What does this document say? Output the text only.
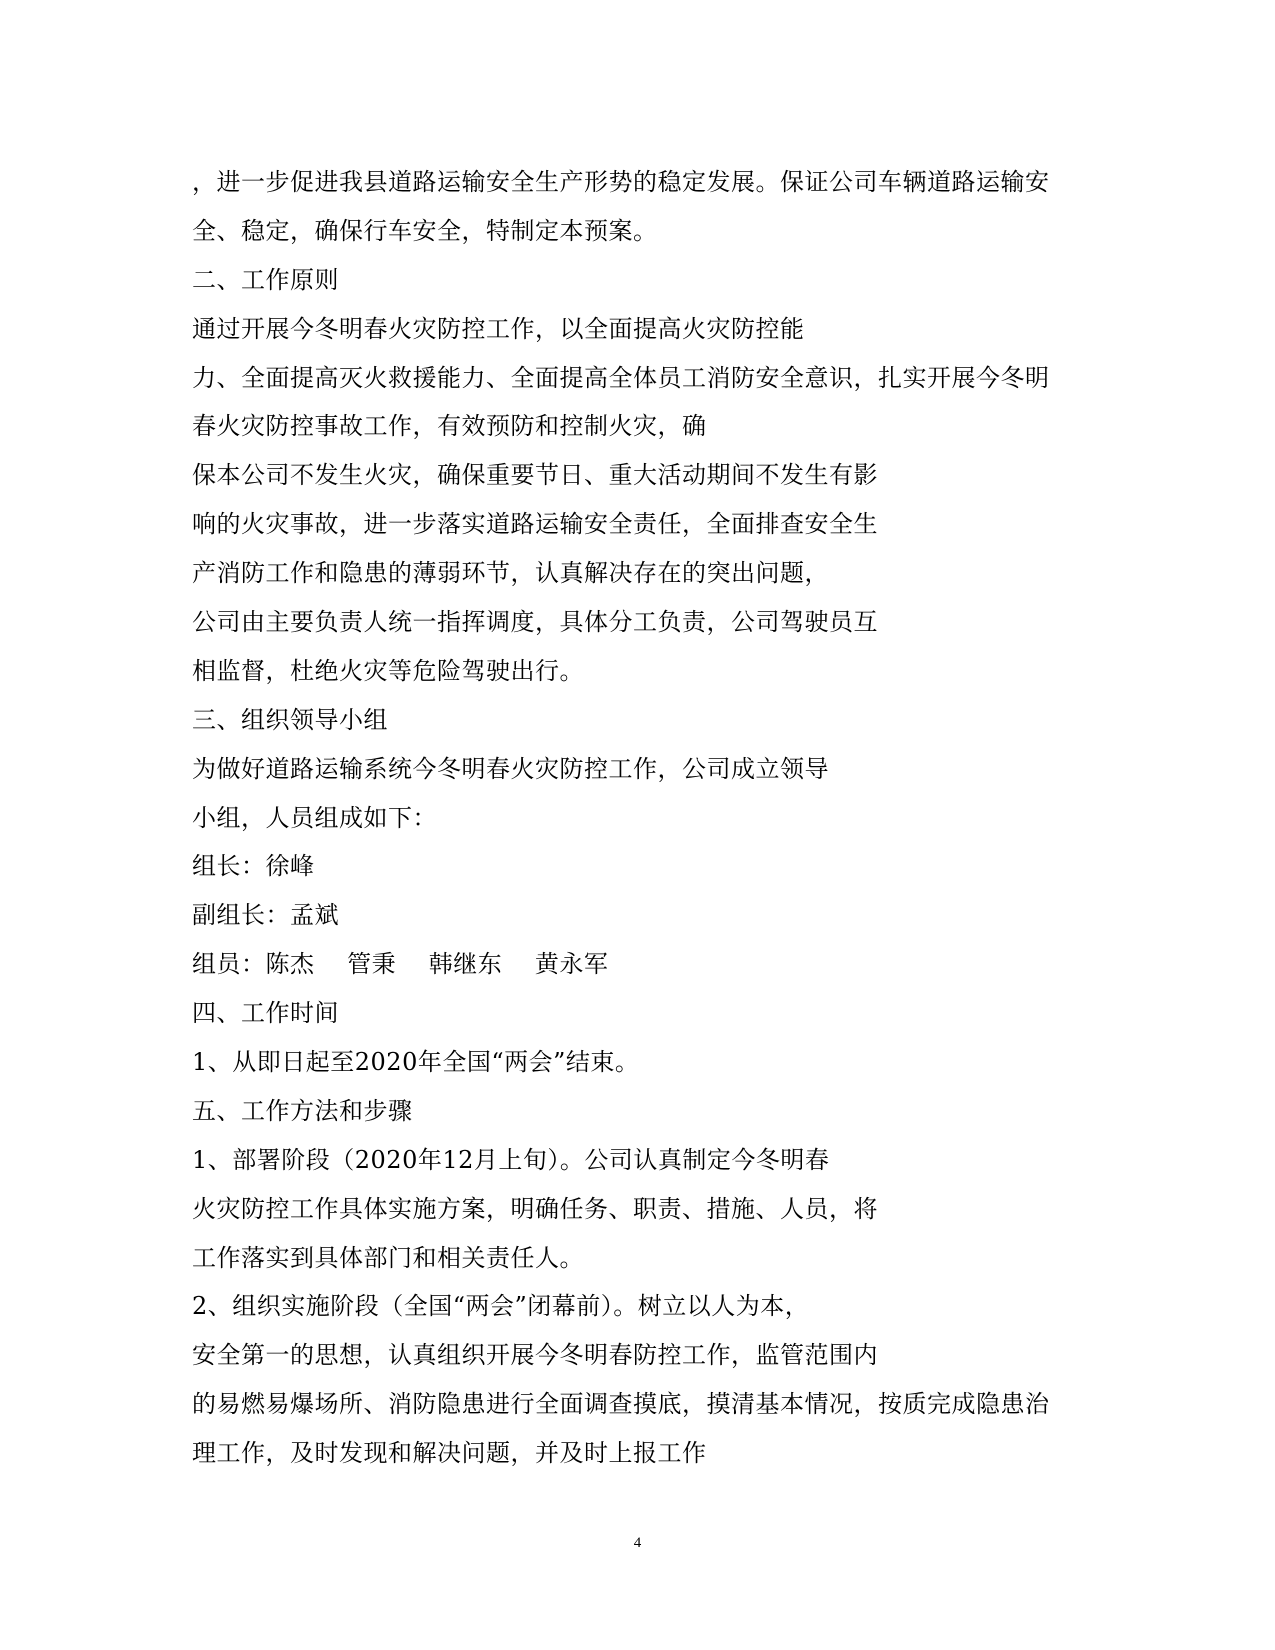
，进一步促进我县道路运输安全生产形势的稳定发展。保证公司车辆道路运输安
全、稳定，确保行车安全，特制定本预案。
二、工作原则
通过开展今冬明春火灾防控工作，以全面提高火灾防控能
力、全面提高灭火救援能力、全面提高全体员工消防安全意识，扎实开展今冬明
春火灾防控事故工作，有效预防和控制火灾，确
保本公司不发生火灾，确保重要节日、重大活动期间不发生有影
响的火灾事故，进一步落实道路运输安全责任，全面排查安全生
产消防工作和隐患的薄弱环节，认真解决存在的突出问题，
公司由主要负责人统一指挥调度，具体分工负责，公司驾驶员互
相监督，杜绝火灾等危险驾驶出行。
三、组织领导小组
为做好道路运输系统今冬明春火灾防控工作，公司成立领导
小组，人员组成如下：
组长：徐峰
副组长：孟斌
组员：陈杰　 管秉　 韩继东　 黄永军
四、工作时间
1、从即日起至2020年全国“两会”结束。
五、工作方法和步骤
1、部署阶段（2020年12月上旬）。公司认真制定今冬明春
火灾防控工作具体实施方案，明确任务、职责、措施、人员，将
工作落实到具体部门和相关责任人。
2、组织实施阶段（全国“两会”闭幕前）。树立以人为本，
安全第一的思想，认真组织开展今冬明春防控工作，监管范围内
的易燃易爆场所、消防隐患进行全面调查摸底，摸清基本情况，按质完成隐患治
理工作，及时发现和解决问题，并及时上报工作
4
